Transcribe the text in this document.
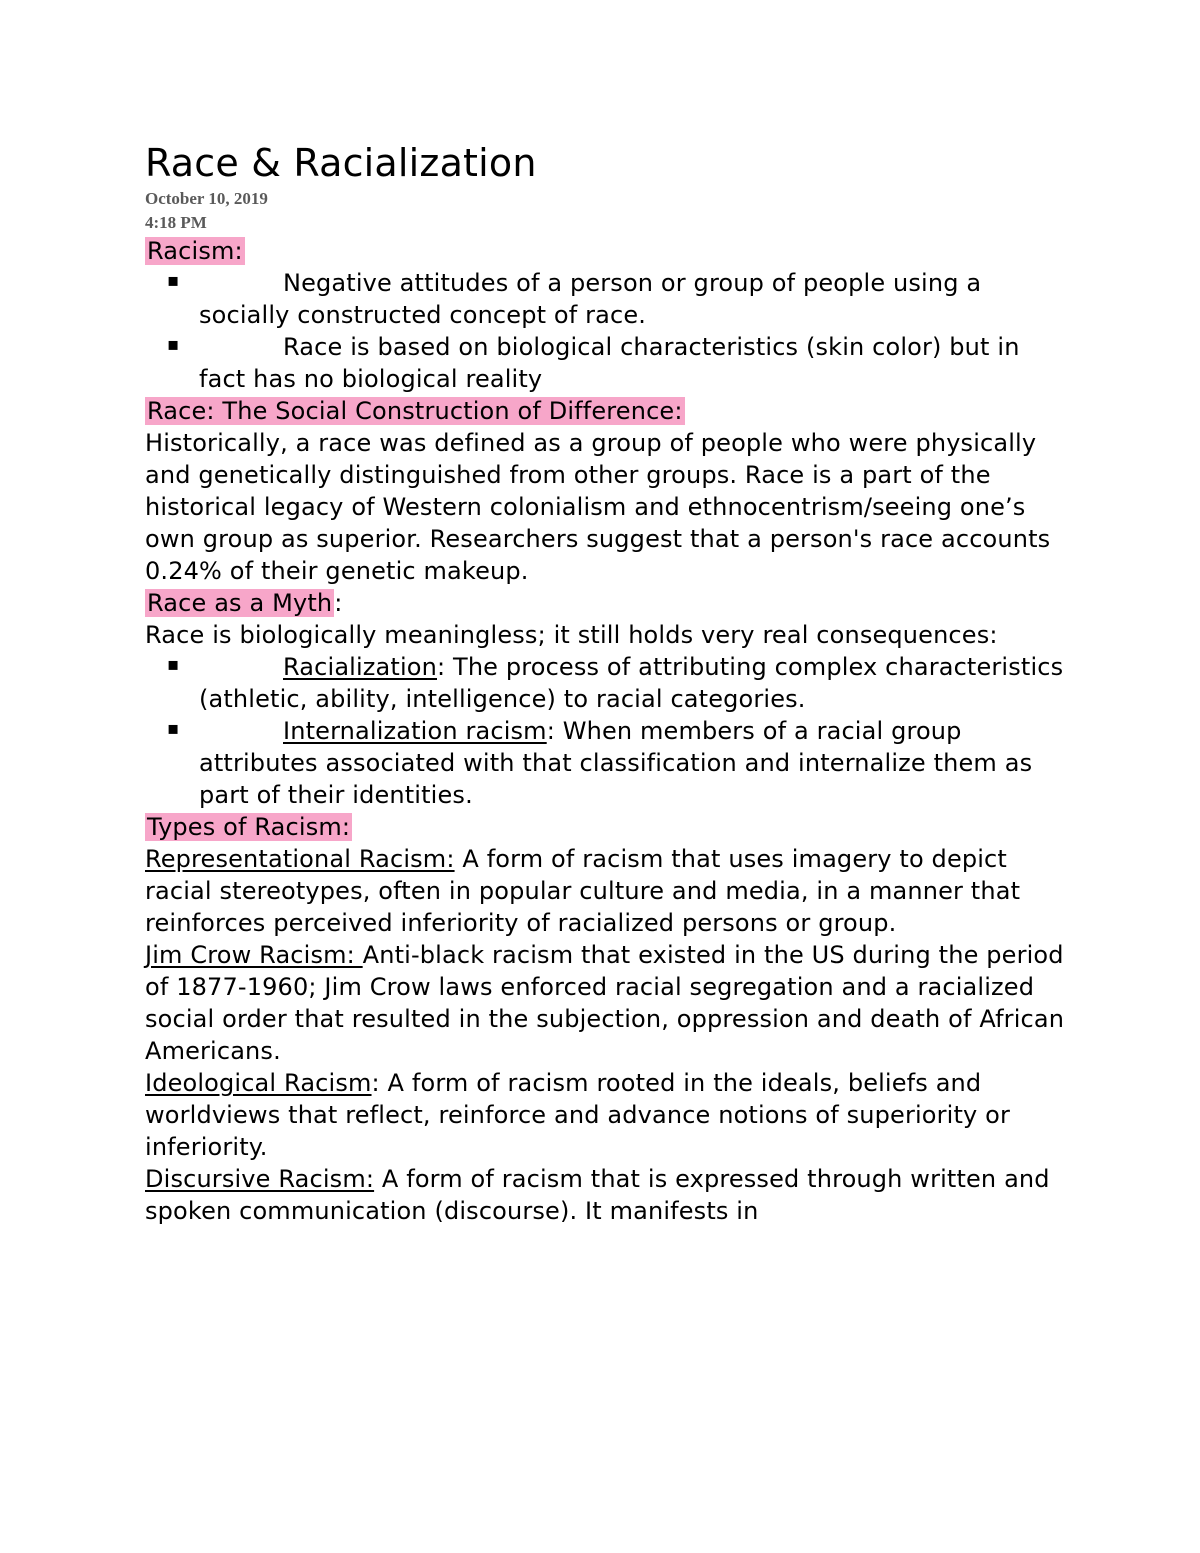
Race & Racialization
October 10, 2019
4:18 PM
Racism:
▪	Negative attitudes of a person or group of people using a socially constructed concept of race.
▪	Race is based on biological characteristics (skin color) but in fact has no biological reality
Race: The Social Construction of Difference:

Historically, a race was defined as a group of people who were physically and genetically distinguished from other groups. Race is a part of the historical legacy of Western colonialism and ethnocentrism/seeing one’s own group as superior. Researchers suggest that a person's race accounts 0.24% of their genetic makeup.

Race as a Myth:

Race is biologically meaningless; it still holds very real consequences:

▪	Racialization: The process of attributing complex characteristics (athletic, ability, intelligence) to racial categories.
▪	Internalization racism: When members of a racial group attributes associated with that classification and internalize them as part of their identities.
Types of Racism:

Representational Racism: A form of racism that uses imagery to depict racial stereotypes, often in popular culture and media, in a manner that reinforces perceived inferiority of racialized persons or group.

Jim Crow Racism: Anti-black racism that existed in the US during the period of 1877-1960; Jim Crow laws enforced racial segregation and a racialized social order that resulted in the subjection, oppression and death of African Americans.

Ideological Racism: A form of racism rooted in the ideals, beliefs and worldviews that reflect, reinforce and advance notions of superiority or inferiority.

Discursive Racism: A form of racism that is expressed through written and spoken communication (discourse). It manifests in
